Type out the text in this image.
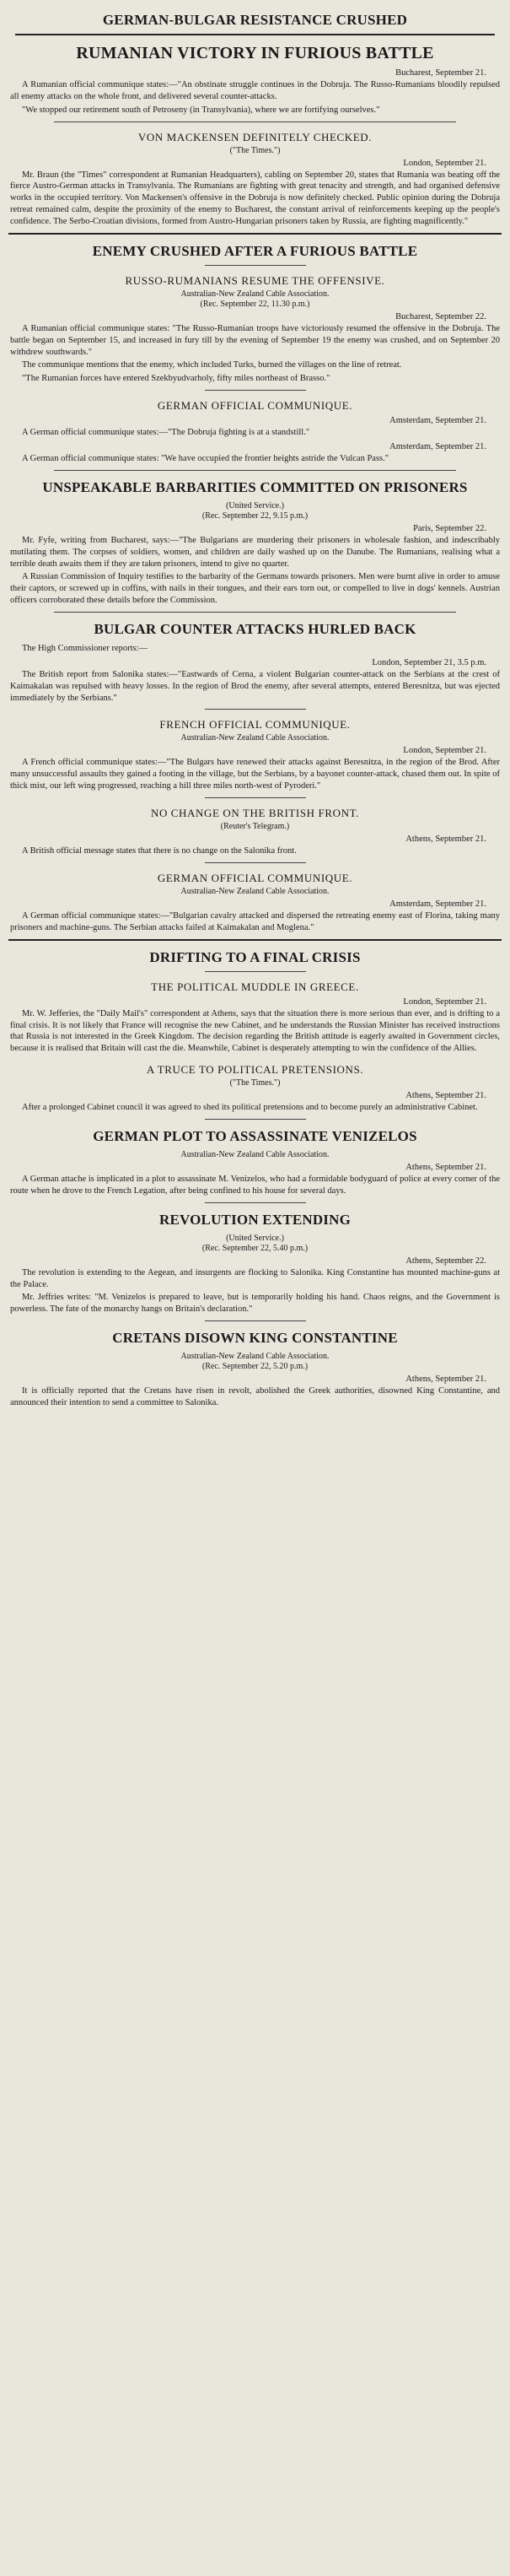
GERMAN-BULGAR RESISTANCE CRUSHED
RUMANIAN VICTORY IN FURIOUS BATTLE
Bucharest, September 21.

A Rumanian official communique states:—"An obstinate struggle continues in the Dobruja. The Russo-Rumanians bloodily repulsed all enemy attacks on the whole front, and delivered several counter-attacks.

"We stopped our retirement south of Petroseny (in Transylvania), where we are fortifying ourselves."

VON MACKENSEN DEFINITELY CHECKED.
("The Times.")
London, September 21.

Mr. Braun (the "Times" correspondent at Rumanian Headquarters), cabling on September 20, states that Rumania was beating off the fierce Austro-German attacks in Transylvania. The Rumanians are fighting with great tenacity and strength, and had organised defensive works in the occupied territory. Von Mackensen's offensive in the Dobruja is now definitely checked. Public opinion during the Dobruja retreat remained calm, despite the proximity of the enemy to Bucharest, the constant arrival of reinforcements keeping up the people's confidence. The Serbo-Croatian divisions, formed from Austro-Hungarian prisoners taken by Russia, are fighting magnificently."

ENEMY CRUSHED AFTER A FURIOUS BATTLE
RUSSO-RUMANIANS RESUME THE OFFENSIVE.
Australian-New Zealand Cable Association.
(Rec. September 22, 11.30 p.m.)
Bucharest, September 22.

A Rumanian official communique states: "The Russo-Rumanian troops have victoriously resumed the offensive in the Dobruja. The battle began on September 15, and increased in fury till by the evening of September 19 the enemy was crushed, and on September 20 withdrew southwards."

The communique mentions that the enemy, which included Turks, burned the villages on the line of retreat.

"The Rumanian forces have entered Szekbyudvarholy, fifty miles northeast of Brasso."

GERMAN OFFICIAL COMMUNIQUE.
Amsterdam, September 21.

A German official communique states:—"The Dobruja fighting is at a standstill."

Amsterdam, September 21.

A German official communique states: "We have occupied the frontier heights astride the Vulcan Pass."

UNSPEAKABLE BARBARITIES COMMITTED ON PRISONERS
(United Service.)
(Rec. September 22, 9.15 p.m.)
Paris, September 22.

Mr. Fyfe, writing from Bucharest, says:—"The Bulgarians are murdering their prisoners in wholesale fashion, and indescribably mutilating them. The corpses of soldiers, women, and children are daily washed up on the Danube. The Rumanians, realising what a terrible death awaits them if they are taken prisoners, intend to give no quarter.

A Russian Commission of Inquiry testifies to the barbarity of the Germans towards prisoners. Men were burnt alive in order to amuse their captors, or screwed up in coffins, with nails in their tongues, and their ears torn out, or compelled to live in dogs' kennels. Austrian officers corroborated these details before the Commission.

BULGAR COUNTER ATTACKS HURLED BACK

The High Commissioner reports:—

London, September 21, 3.5 p.m.

The British report from Salonika states:—"Eastwards of Cerna, a violent Bulgarian counter-attack on the Serbians at the crest of Kaimakalan was repulsed with heavy losses. In the region of Brod the enemy, after several attempts, entered Beresnitza, but was ejected immediately by the Serbians."

FRENCH OFFICIAL COMMUNIQUE.
Australian-New Zealand Cable Association.
London, September 21.

A French official communique states:—"The Bulgars have renewed their attacks against Beresnitza, in the region of the Brod. After many unsuccessful assaults they gained a footing in the village, but the Serbians, by a bayonet counter-attack, chased them out. In spite of thick mist, our left wing progressed, reaching a hill three miles north-west of Pyroderi."

NO CHANGE ON THE BRITISH FRONT.
(Reuter's Telegram.)
Athens, September 21.

A British official message states that there is no change on the Salonika front.

GERMAN OFFICIAL COMMUNIQUE.
Australian-New Zealand Cable Association.
Amsterdam, September 21.

A German official communique states:—"Bulgarian cavalry attacked and dispersed the retreating enemy east of Florina, taking many prisoners and machine-guns. The Serbian attacks failed at Kaimakalan and Moglena."

DRIFTING TO A FINAL CRISIS
THE POLITICAL MUDDLE IN GREECE.
London, September 21.

Mr. W. Jefferies, the "Daily Mail's" correspondent at Athens, says that the situation there is more serious than ever, and is drifting to a final crisis. It is not likely that France will recognise the new Cabinet, and he understands the Russian Minister has received instructions that Russia is not interested in the Greek Kingdom. The decision regarding the British attitude is eagerly awaited in Government circles, because it is realised that Britain will cast the die. Meanwhile, Cabinet is desperately attempting to win the confidence of the Allies.

A TRUCE TO POLITICAL PRETENSIONS.
("The Times.")
Athens, September 21.

After a prolonged Cabinet council it was agreed to shed its political pretensions and to become purely an administrative Cabinet.

GERMAN PLOT TO ASSASSINATE VENIZELOS
Australian-New Zealand Cable Association.
Athens, September 21.

A German attache is implicated in a plot to assassinate M. Venizelos, who had a formidable bodyguard of police at every corner of the route when he drove to the French Legation, after being confined to his house for several days.

REVOLUTION EXTENDING
(United Service.)
(Rec. September 22, 5.40 p.m.)
Athens, September 22.

The revolution is extending to the Aegean, and insurgents are flocking to Salonika. King Constantine has mounted machine-guns at the Palace.

Mr. Jeffries writes: "M. Venizelos is prepared to leave, but is temporarily holding his hand. Chaos reigns, and the Government is powerless. The fate of the monarchy hangs on Britain's declaration."

CRETANS DISOWN KING CONSTANTINE
Australian-New Zealand Cable Association.
(Rec. September 22, 5.20 p.m.)
Athens, September 21.

It is officially reported that the Cretans have risen in revolt, abolished the Greek authorities, disowned King Constantine, and announced their intention to send a committee to Salonika.
